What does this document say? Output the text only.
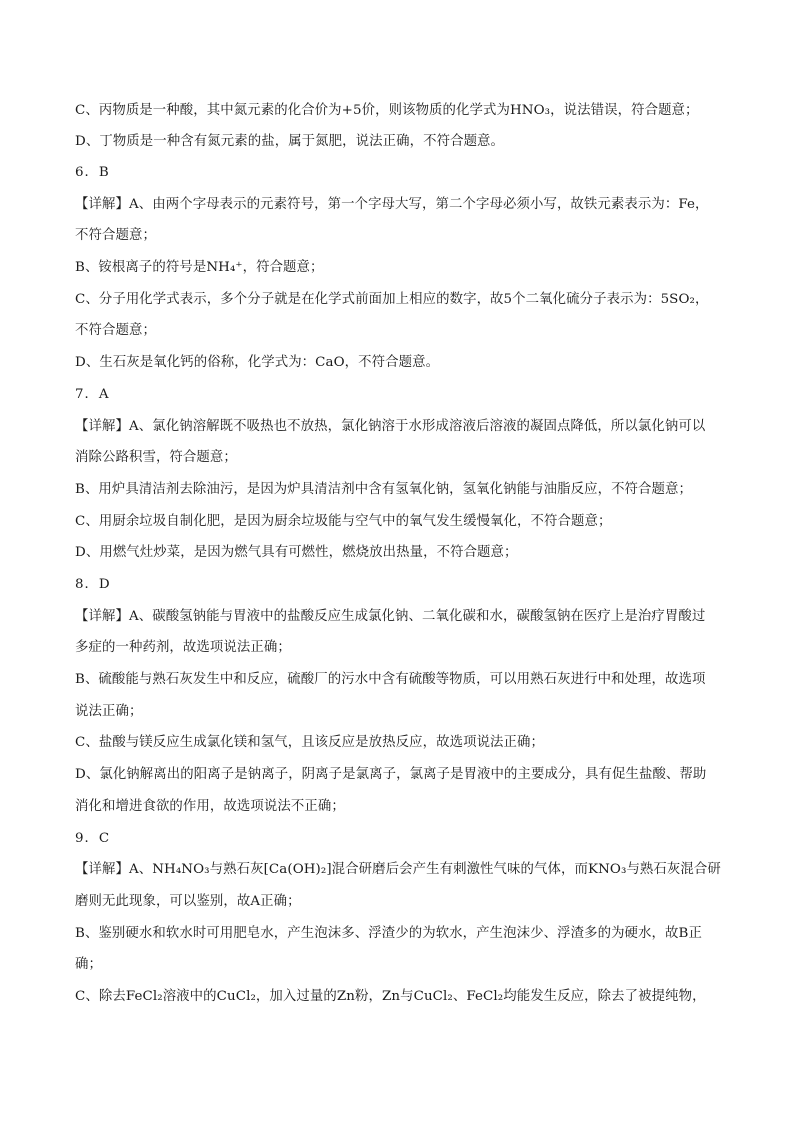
C、丙物质是一种酸，其中氮元素的化合价为+5价，则该物质的化学式为HNO₃，说法错误，符合题意；
D、丁物质是一种含有氮元素的盐，属于氮肥，说法正确，不符合题意。
6．B
【详解】A、由两个字母表示的元素符号，第一个字母大写，第二个字母必须小写，故铁元素表示为：Fe，
不符合题意；
B、铵根离子的符号是NH₄⁺，符合题意；
C、分子用化学式表示，多个分子就是在化学式前面加上相应的数字，故5个二氧化硫分子表示为：5SO₂，
不符合题意；
D、生石灰是氧化钙的俗称，化学式为：CaO，不符合题意。
7．A
【详解】A、氯化钠溶解既不吸热也不放热，氯化钠溶于水形成溶液后溶液的凝固点降低，所以氯化钠可以
消除公路积雪，符合题意；
B、用炉具清洁剂去除油污，是因为炉具清洁剂中含有氢氧化钠，氢氧化钠能与油脂反应，不符合题意；
C、用厨余垃圾自制化肥，是因为厨余垃圾能与空气中的氧气发生缓慢氧化，不符合题意；
D、用燃气灶炒菜，是因为燃气具有可燃性，燃烧放出热量，不符合题意；
8．D
【详解】A、碳酸氢钠能与胃液中的盐酸反应生成氯化钠、二氧化碳和水，碳酸氢钠在医疗上是治疗胃酸过
多症的一种药剂，故选项说法正确；
B、硫酸能与熟石灰发生中和反应，硫酸厂的污水中含有硫酸等物质，可以用熟石灰进行中和处理，故选项
说法正确；
C、盐酸与镁反应生成氯化镁和氢气，且该反应是放热反应，故选项说法正确；
D、氯化钠解离出的阳离子是钠离子，阴离子是氯离子，氯离子是胃液中的主要成分，具有促生盐酸、帮助
消化和增进食欲的作用，故选项说法不正确；
9．C
【详解】A、NH₄NO₃与熟石灰[Ca(OH)₂]混合研磨后会产生有刺激性气味的气体，而KNO₃与熟石灰混合研
磨则无此现象，可以鉴别，故A正确；
B、鉴别硬水和软水时可用肥皂水，产生泡沫多、浮渣少的为软水，产生泡沫少、浮渣多的为硬水，故B正
确；
C、除去FeCl₂溶液中的CuCl₂，加入过量的Zn粉，Zn与CuCl₂、FeCl₂均能发生反应，除去了被提纯物，
